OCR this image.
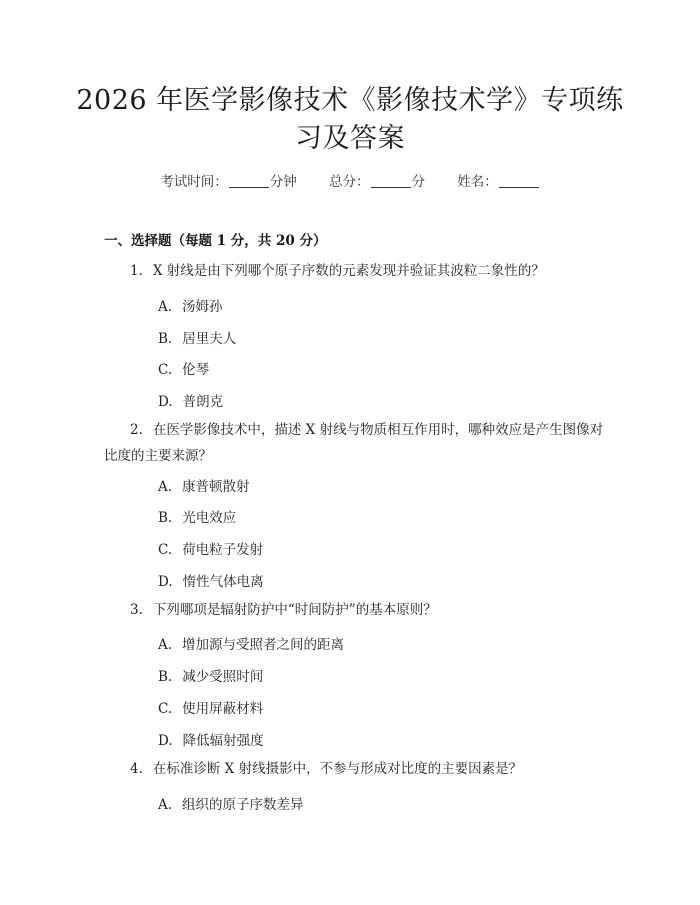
2026 年医学影像技术《影像技术学》专项练
习及答案
考试时间：	分钟 总分：	分 姓名：
一、选择题（每题 1 分，共 20 分）
1. X 射线是由下列哪个原子序数的元素发现并验证其波粒二象性的？
A. 汤姆孙
B. 居里夫人
C. 伦琴
D. 普朗克
2. 在医学影像技术中，描述 X 射线与物质相互作用时，哪种效应是产生图像对比度的主要来源？
A. 康普顿散射
B. 光电效应
C. 荷电粒子发射
D. 惰性气体电离
3. 下列哪项是辐射防护中“时间防护”的基本原则？
A. 增加源与受照者之间的距离
B. 减少受照时间
C. 使用屏蔽材料
D. 降低辐射强度
4. 在标准诊断 X 射线摄影中，不参与形成对比度的主要因素是？
A. 组织的原子序数差异
